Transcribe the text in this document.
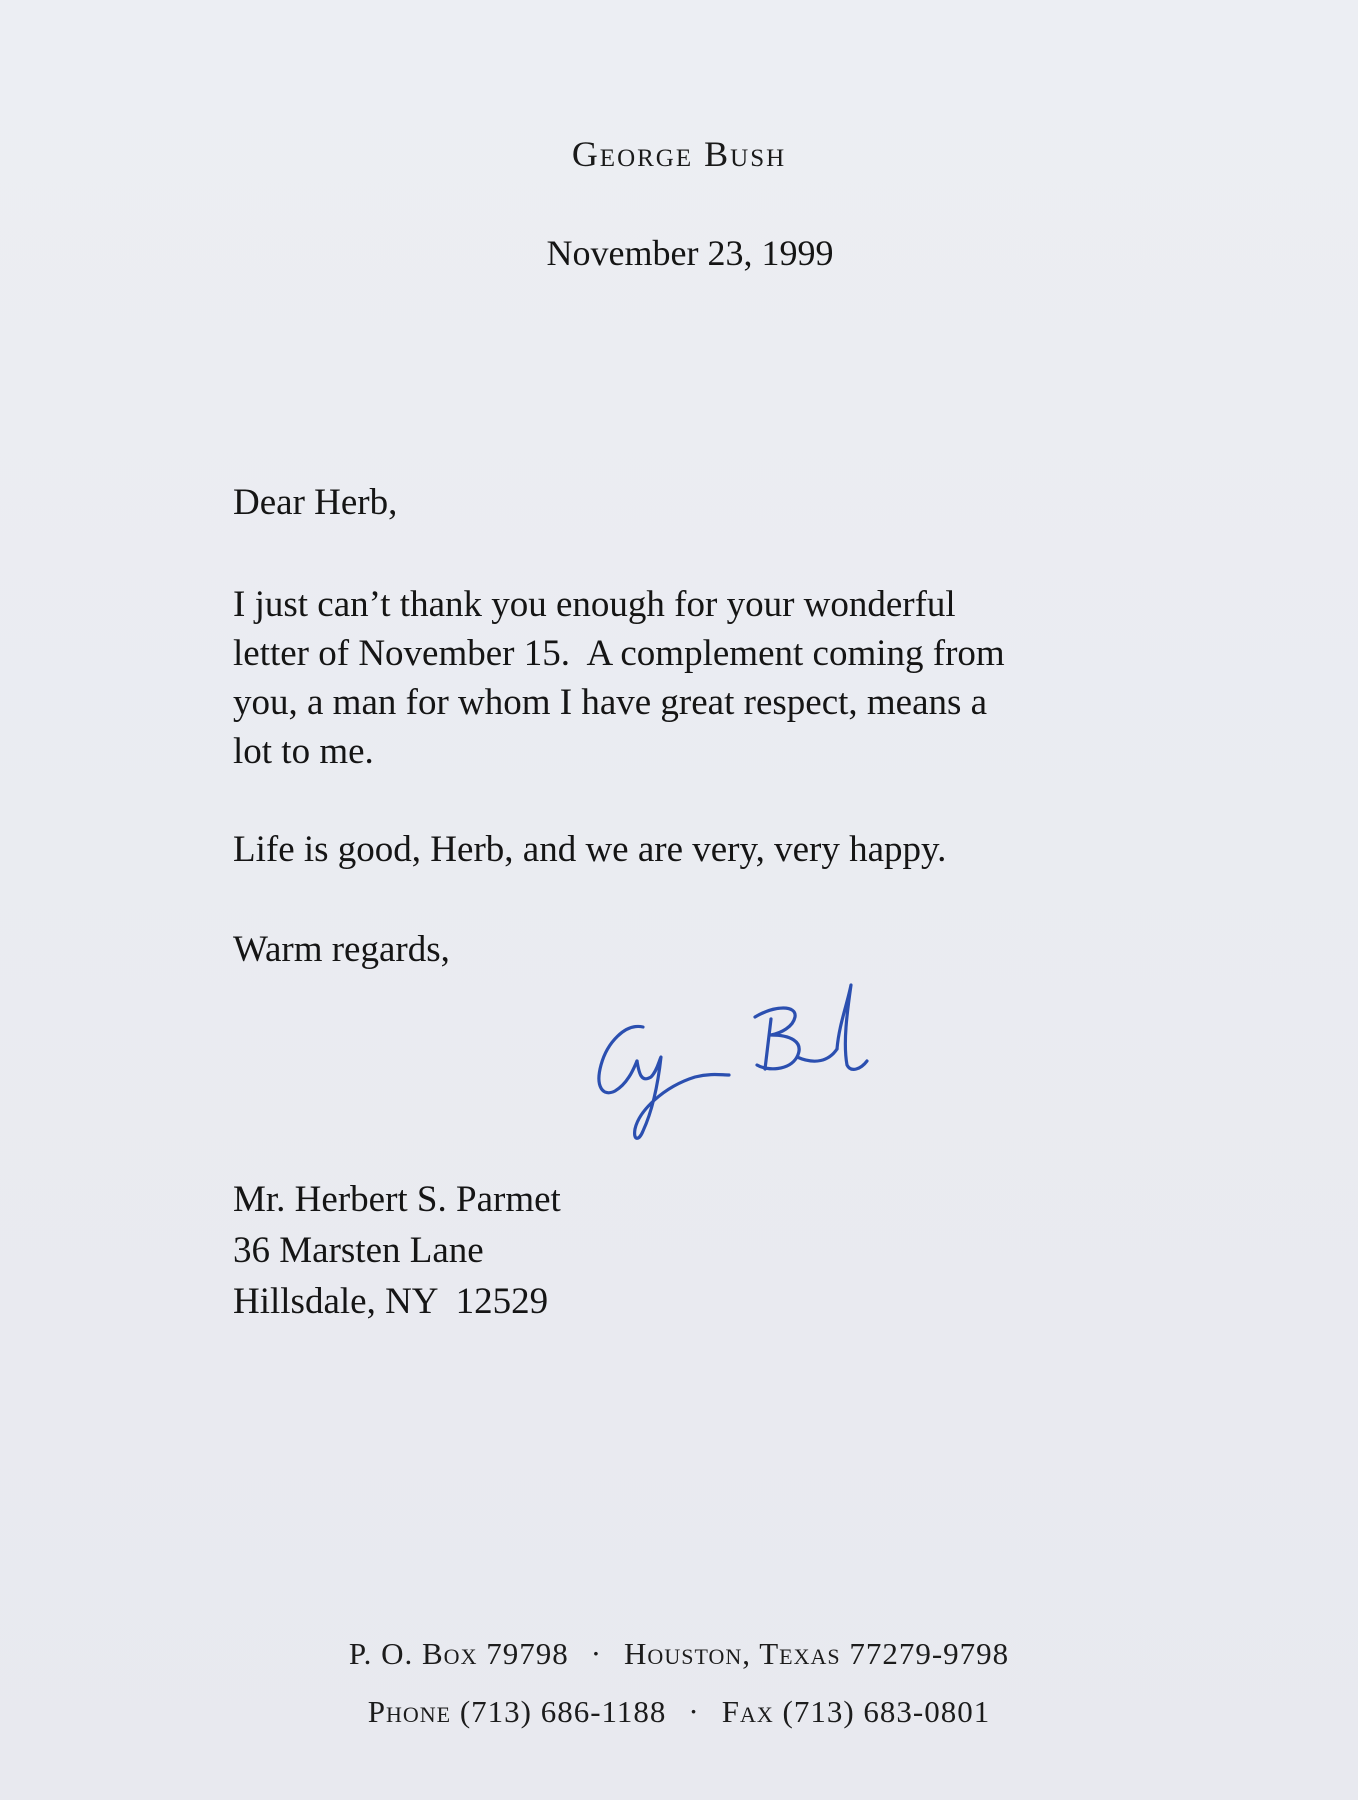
George Bush
November 23, 1999
Dear Herb,
I just can’t thank you enough for your wonderful
letter of November 15.  A complement coming from
you, a man for whom I have great respect, means a
lot to me.
Life is good, Herb, and we are very, very happy.
Warm regards,
Mr. Herbert S. Parmet
36 Marsten Lane
Hillsdale, NY  12529
P. O. Box 79798 · Houston, Texas 77279-9798
Phone (713) 686-1188 · Fax (713) 683-0801
